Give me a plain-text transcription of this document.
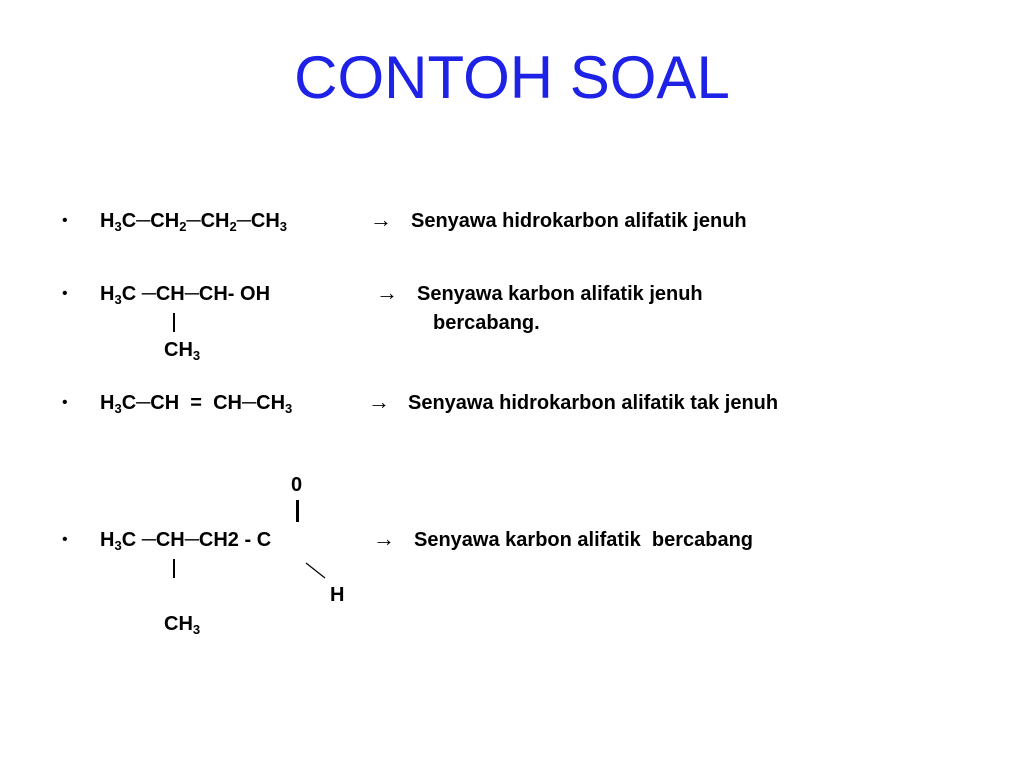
CONTOH SOAL
• $H_3C─CH_2─CH_2─CH_3$	→ Senyawa hidrokarbon alifatik jenuh
• $H_3C$ ─CH─CH- OH
$CH_3$
→ Senyawa karbon alifatik jenuh
bercabang.
• $H_3C─CH$  =  $CH─CH_3$	→ Senyawa hidrokarbon alifatik tak jenuh
0
• $H_3C$ ─CH─CH2 - C
H
$CH_3$
→ Senyawa karbon alifatik  bercabang
